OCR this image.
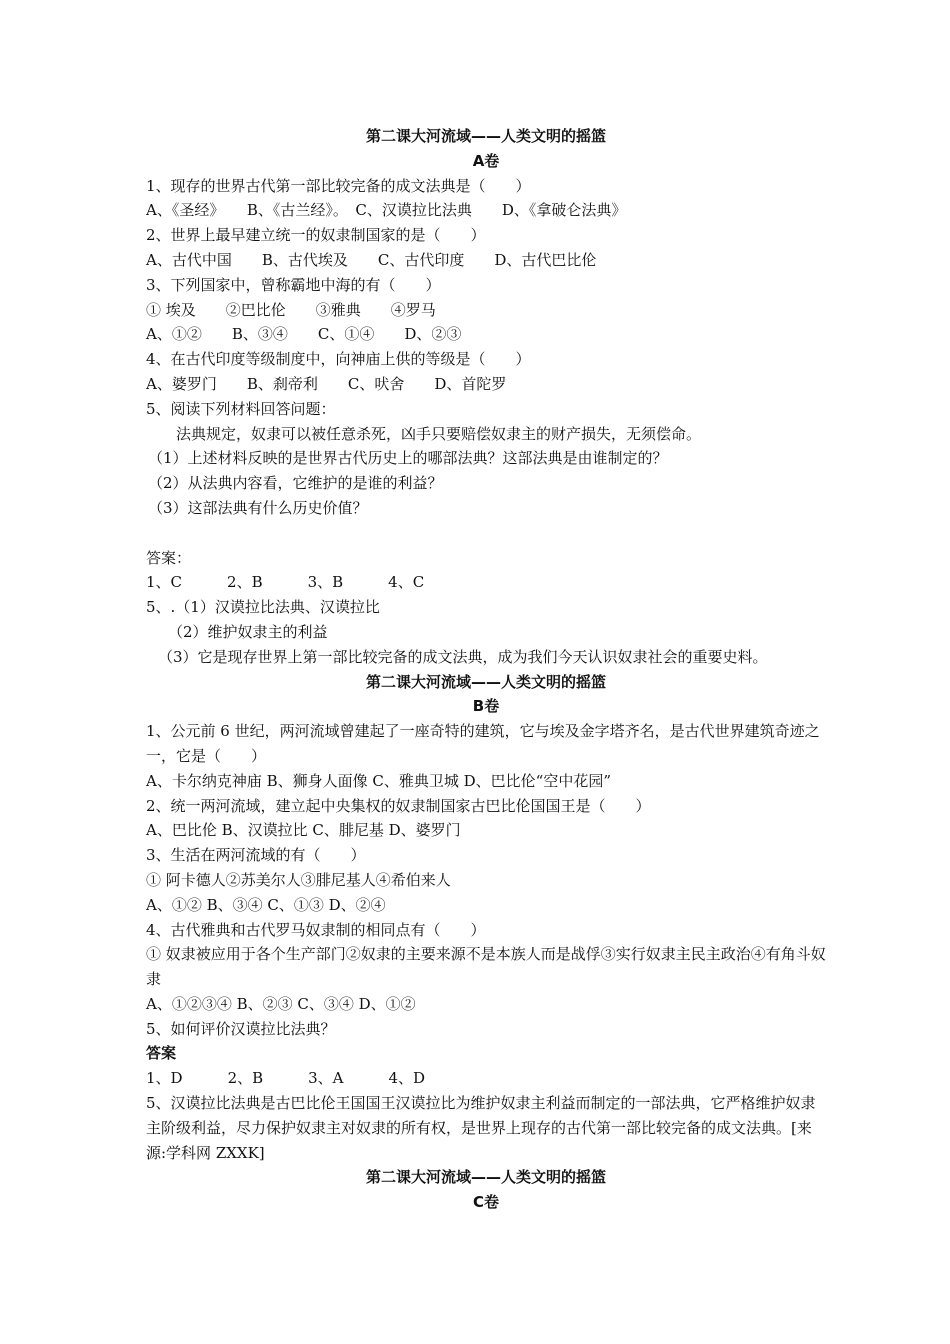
第二课大河流域——人类文明的摇篮
A卷
1、现存的世界古代第一部比较完备的成文法典是（　　）
A、《圣经》　　B、《古兰经》。　C、汉谟拉比法典　　D、《拿破仑法典》
2、世界上最早建立统一的奴隶制国家的是（　　）
A、古代中国　　B、古代埃及　　C、古代印度　　D、古代巴比伦
3、下列国家中，曾称霸地中海的有（　　）
① 埃及　　②巴比伦　　③雅典　　④罗马
A、①②　　B、③④　　C、①④　　D、②③
4、在古代印度等级制度中，向神庙上供的等级是（　　）
A、婆罗门　　B、刹帝利　　C、吠舍　　D、首陀罗
5、阅读下列材料回答问题：
法典规定，奴隶可以被任意杀死，凶手只要赔偿奴隶主的财产损失，无须偿命。
（1）上述材料反映的是世界古代历史上的哪部法典？这部法典是由谁制定的？
（2）从法典内容看，它维护的是谁的利益？
（3）这部法典有什么历史价值？
答案：
1、C　　　2、B　　　3、B　　　4、C
5、.（1）汉谟拉比法典、汉谟拉比
（2）维护奴隶主的利益
（3）它是现存世界上第一部比较完备的成文法典，成为我们今天认识奴隶社会的重要史料。
第二课大河流域——人类文明的摇篮
B卷
1、公元前 6 世纪，两河流域曾建起了一座奇特的建筑，它与埃及金字塔齐名，是古代世界建筑奇迹之一，它是（　　）
A、卡尔纳克神庙 B、狮身人面像 C、雅典卫城 D、巴比伦“空中花园”
2、统一两河流域，建立起中央集权的奴隶制国家古巴比伦国国王是（　　）
A、巴比伦 B、汉谟拉比 C、腓尼基 D、婆罗门
3、生活在两河流域的有（　　）
① 阿卡德人②苏美尔人③腓尼基人④希伯来人
A、①② B、③④ C、①③ D、②④
4、古代雅典和古代罗马奴隶制的相同点有（　　）
① 奴隶被应用于各个生产部门②奴隶的主要来源不是本族人而是战俘③实行奴隶主民主政治④有角斗奴隶
A、①②③④ B、②③ C、③④ D、①②
5、如何评价汉谟拉比法典？
答案
1、D　　　2、B　　　3、A　　　4、D
5、汉谟拉比法典是古巴比伦王国国王汉谟拉比为维护奴隶主利益而制定的一部法典，它严格维护奴隶主阶级利益，尽力保护奴隶主对奴隶的所有权，是世界上现存的古代第一部比较完备的成文法典。[来源:学科网 ZXXK]
第二课大河流域——人类文明的摇篮
C卷
